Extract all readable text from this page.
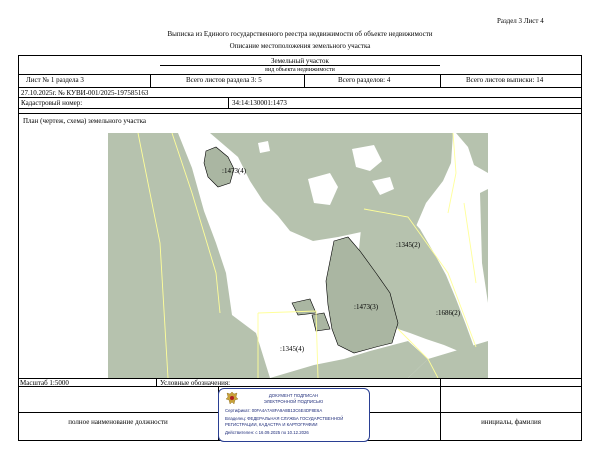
Раздел 3 Лист 4
Выписка из Единого государственного реестра недвижимости об объекте недвижимости
Описание местоположения земельного участка
Земельный участок
вид объекта недвижимости
Лист № 1 раздела 3	Всего листов раздела 3: 5	Всего разделов: 4	Всего листов выписки: 14
27.10.2025г. № КУВИ-001/2025-197585163
Кадастровый номер:	34:14:130001:1473
План (чертеж, схема) земельного участка
:1473(4)
:1345(2)
:1473(3)
:1686(2)
:1345(4)
Масштаб 1:5000	Условные обозначения:
полное наименование должности	инициалы, фамилия
ДОКУМЕНТ ПОДПИСАН
ЭЛЕКТРОННОЙ ПОДПИСЬЮ
Сертификат: 00FA4A7A8FA9A8B13C6E4DF8E6A
Владелец: ФЕДЕРАЛЬНАЯ СЛУЖБА ГОСУДАРСТВЕННОЙ
РЕГИСТРАЦИИ, КАДАСТРА И КАРТОГРАФИИ
Действителен: с 16.09.2025 по 10.12.2026
